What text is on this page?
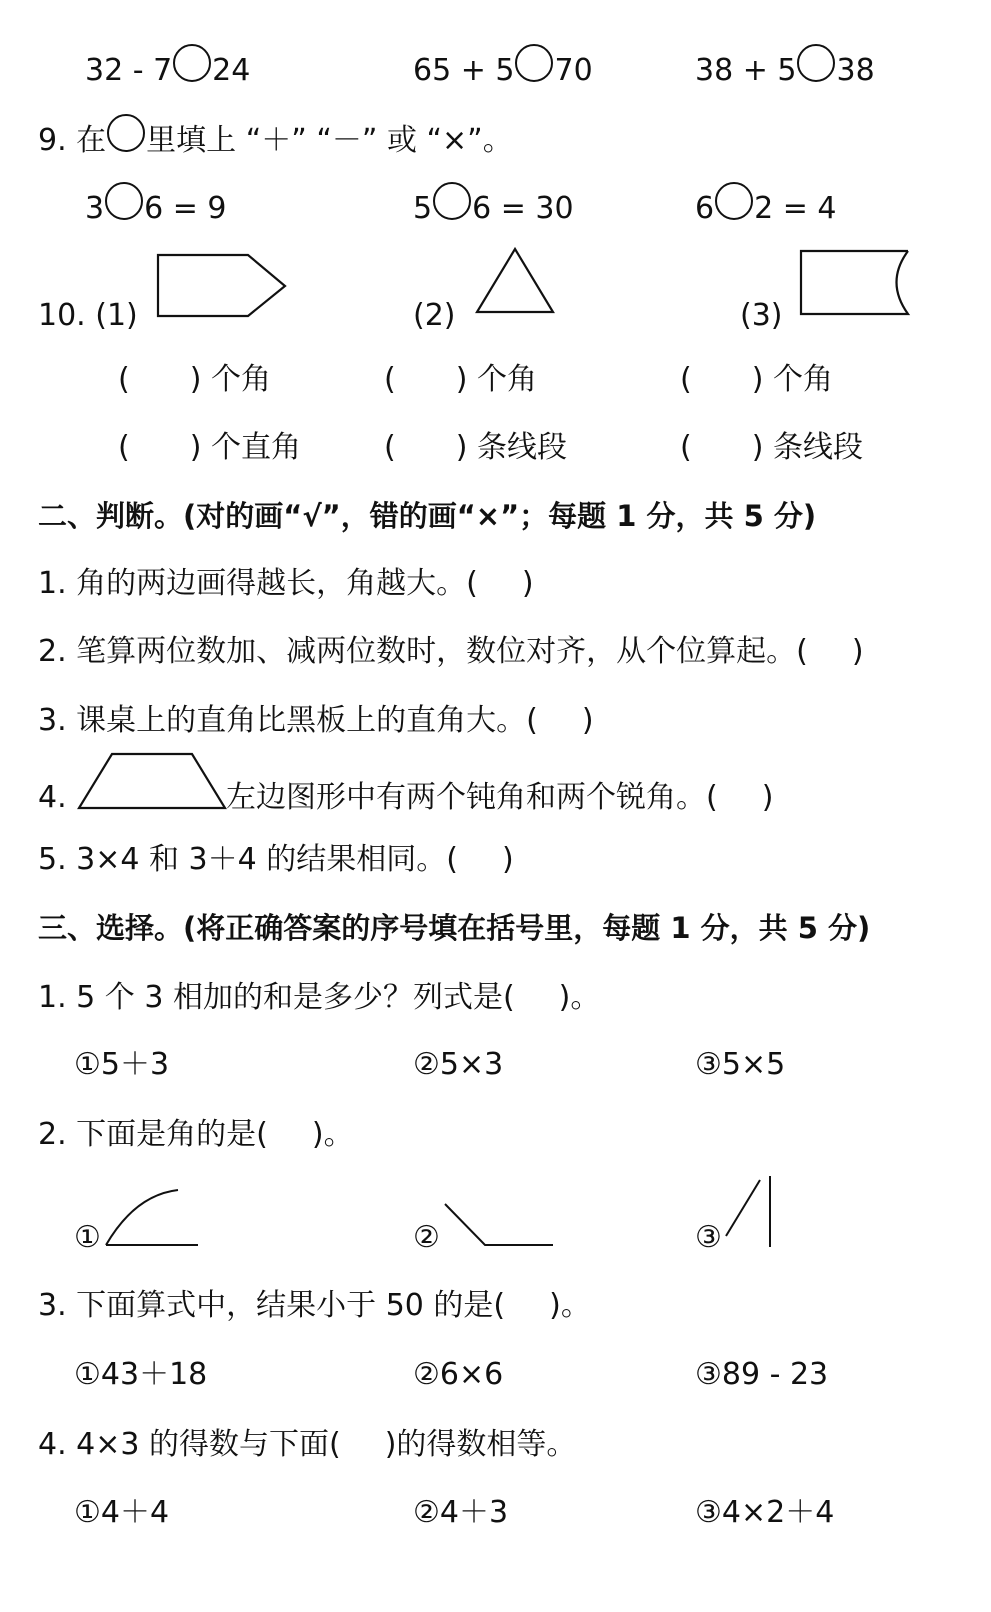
32 - 7 24	65 + 5 70	38 + 5 38
9. 在 里填上 “＋” “－” 或 “×”。
3 6 = 9	5 6 = 30	6 2 = 4
10. (1)	(2)	(3)
( ) 个角	( ) 个角	( ) 个角
( ) 个直角	( ) 条线段	( ) 条线段
二、判断。(对的画“√”，错的画“×”；每题 1 分，共 5 分)
1. 角的两边画得越长，角越大。( )
2. 笔算两位数加、减两位数时，数位对齐，从个位算起。( )
3. 课桌上的直角比黑板上的直角大。( )
4.	左边图形中有两个钝角和两个锐角。( )
5. 3×4 和 3＋4 的结果相同。( )
三、选择。(将正确答案的序号填在括号里，每题 1 分，共 5 分)
1. 5 个 3 相加的和是多少？列式是( )。
①5＋3	②5×3	③5×5
2. 下面是角的是( )。
①	②	③
3. 下面算式中，结果小于 50 的是( )。
①43＋18	②6×6	③89 - 23
4. 4×3 的得数与下面( )的得数相等。
①4＋4	②4＋3	③4×2＋4
